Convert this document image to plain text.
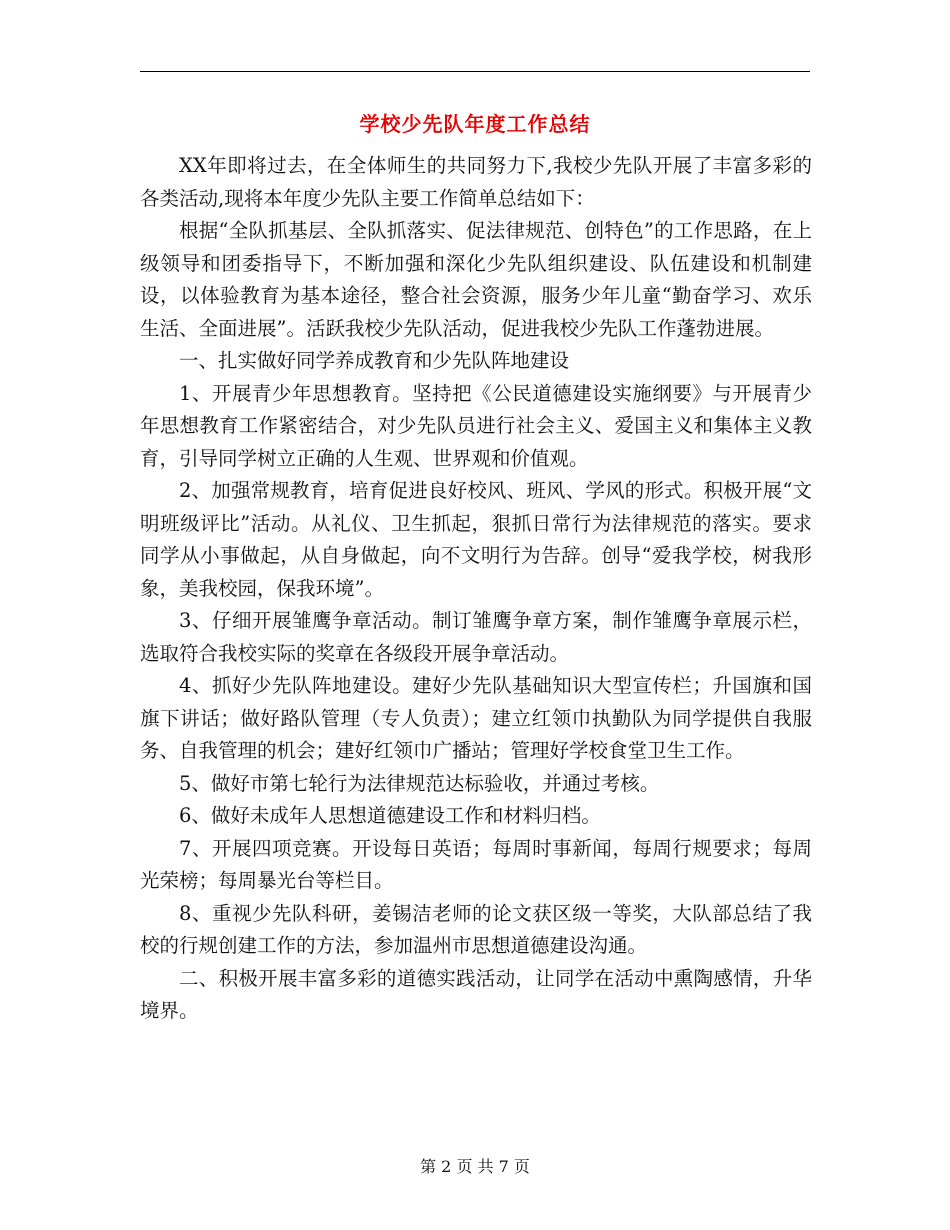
学校少先队年度工作总结

XX年即将过去，在全体师生的共同努力下,我校少先队开展了丰富多彩的各类活动,现将本年度少先队主要工作简单总结如下：

根据“全队抓基层、全队抓落实、促法律规范、创特色”的工作思路，在上级领导和团委指导下，不断加强和深化少先队组织建设、队伍建设和机制建设，以体验教育为基本途径，整合社会资源，服务少年儿童“勤奋学习、欢乐生活、全面进展”。活跃我校少先队活动，促进我校少先队工作蓬勃进展。

一、扎实做好同学养成教育和少先队阵地建设

1、开展青少年思想教育。坚持把《公民道德建设实施纲要》与开展青少年思想教育工作紧密结合，对少先队员进行社会主义、爱国主义和集体主义教育，引导同学树立正确的人生观、世界观和价值观。

2、加强常规教育，培育促进良好校风、班风、学风的形式。积极开展“文明班级评比”活动。从礼仪、卫生抓起，狠抓日常行为法律规范的落实。要求同学从小事做起，从自身做起，向不文明行为告辞。创导“爱我学校，树我形象，美我校园，保我环境”。

3、仔细开展雏鹰争章活动。制订雏鹰争章方案，制作雏鹰争章展示栏，选取符合我校实际的奖章在各级段开展争章活动。

4、抓好少先队阵地建设。建好少先队基础知识大型宣传栏；升国旗和国旗下讲话；做好路队管理（专人负责）；建立红领巾执勤队为同学提供自我服务、自我管理的机会；建好红领巾广播站；管理好学校食堂卫生工作。

5、做好市第七轮行为法律规范达标验收，并通过考核。

6、做好未成年人思想道德建设工作和材料归档。

7、开展四项竞赛。开设每日英语；每周时事新闻，每周行规要求；每周光荣榜；每周暴光台等栏目。

8、重视少先队科研，姜锡洁老师的论文获区级一等奖，大队部总结了我校的行规创建工作的方法，参加温州市思想道德建设沟通。

二、积极开展丰富多彩的道德实践活动，让同学在活动中熏陶感情，升华境界。

第 2 页 共 7 页
